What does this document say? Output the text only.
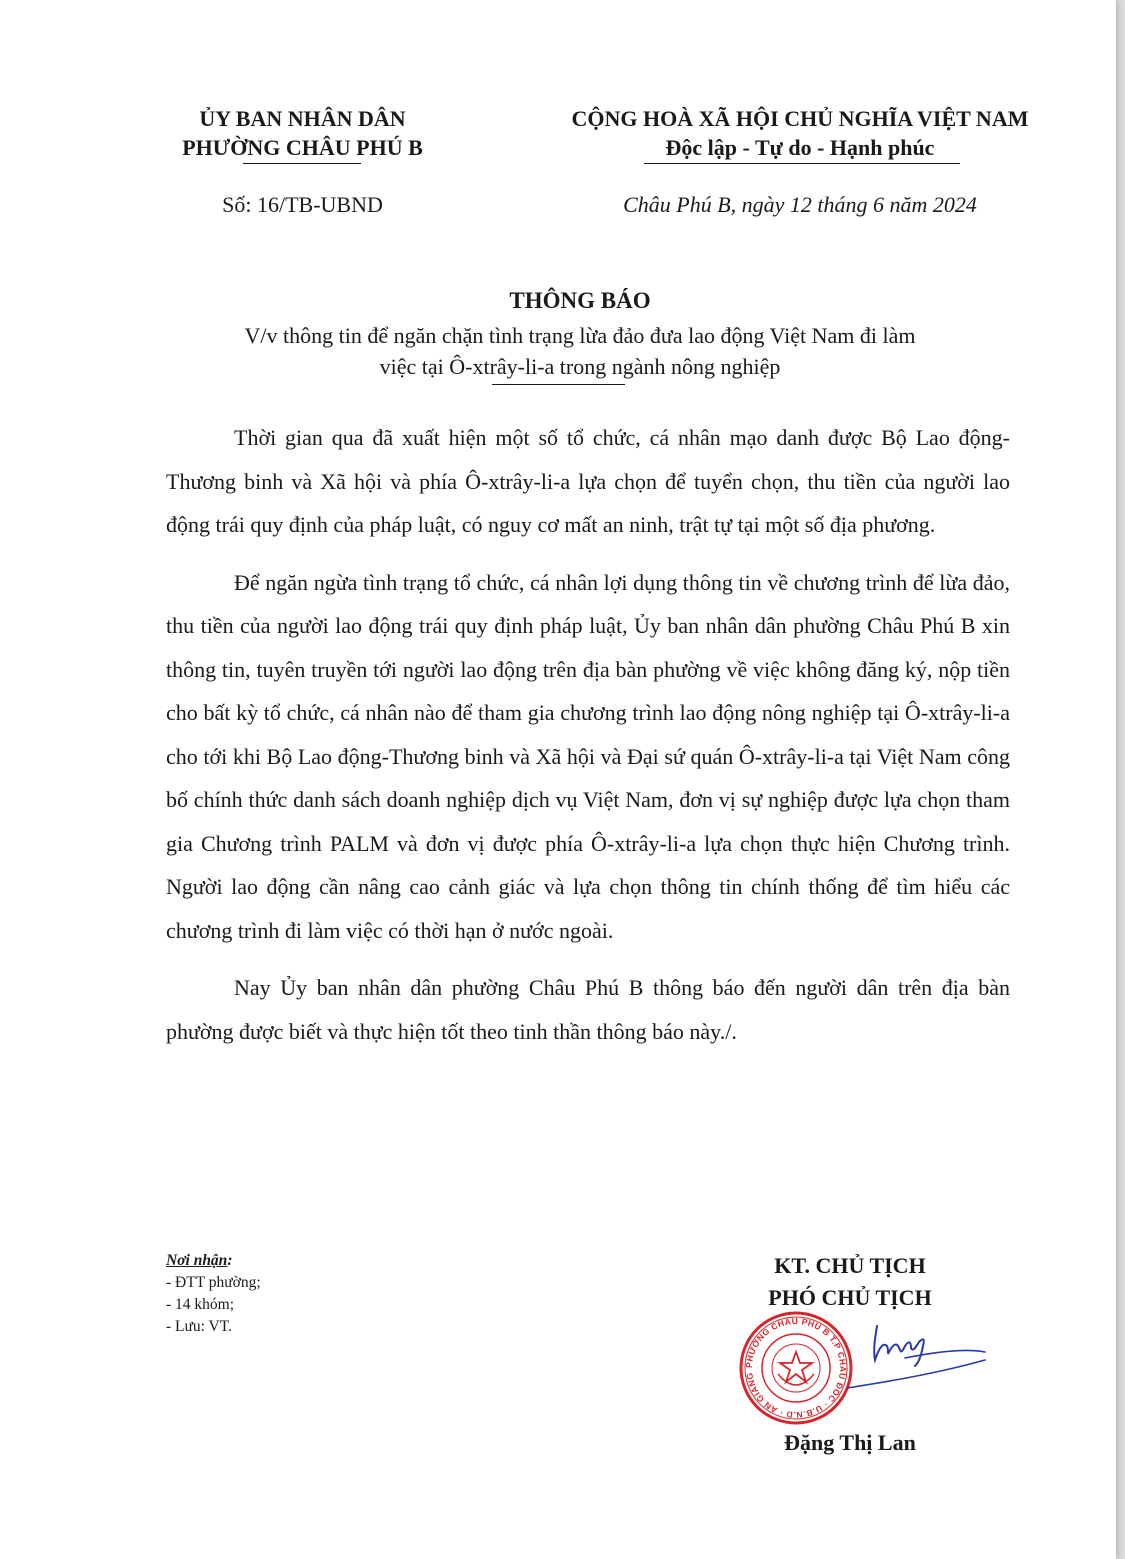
ỦY BAN NHÂN DÂN
PHƯỜNG CHÂU PHÚ B
CỘNG HOÀ XÃ HỘI CHỦ NGHĨA VIỆT NAM
Độc lập - Tự do - Hạnh phúc
Số: 16/TB-UBND	Châu Phú B, ngày 12 tháng 6 năm 2024
THÔNG BÁO
V/v thông tin để ngăn chặn tình trạng lừa đảo đưa lao động Việt Nam đi làm
việc tại Ô-xtrây-li-a trong ngành nông nghiệp

Thời gian qua đã xuất hiện một số tổ chức, cá nhân mạo danh được Bộ Lao động-Thương binh và Xã hội và phía Ô-xtrây-li-a lựa chọn để tuyển chọn, thu tiền của người lao động trái quy định của pháp luật, có nguy cơ mất an ninh, trật tự tại một số địa phương.

Để ngăn ngừa tình trạng tổ chức, cá nhân lợi dụng thông tin về chương trình để lừa đảo, thu tiền của người lao động trái quy định pháp luật, Ủy ban nhân dân phường Châu Phú B xin thông tin, tuyên truyền tới người lao động trên địa bàn phường về việc không đăng ký, nộp tiền cho bất kỳ tổ chức, cá nhân nào để tham gia chương trình lao động nông nghiệp tại Ô-xtrây-li-a cho tới khi Bộ Lao động-Thương binh và Xã hội và Đại sứ quán Ô-xtrây-li-a tại Việt Nam công bố chính thức danh sách doanh nghiệp dịch vụ Việt Nam, đơn vị sự nghiệp được lựa chọn tham gia Chương trình PALM và đơn vị được phía Ô-xtrây-li-a lựa chọn thực hiện Chương trình. Người lao động cần nâng cao cảnh giác và lựa chọn thông tin chính thống để tìm hiểu các chương trình đi làm việc có thời hạn ở nước ngoài.

Nay Ủy ban nhân dân phường Châu Phú B thông báo đến người dân trên địa bàn phường được biết và thực hiện tốt theo tinh thần thông báo này./.

Nơi nhận:
- ĐTT phường;
- 14 khóm;
- Lưu: VT.
KT. CHỦ TỊCH
PHÓ CHỦ TỊCH
PHƯỜNG CHÂU PHÚ B T.P CHÂU ĐỐC · U.B.N.D · AN GIANG
Đặng Thị Lan
